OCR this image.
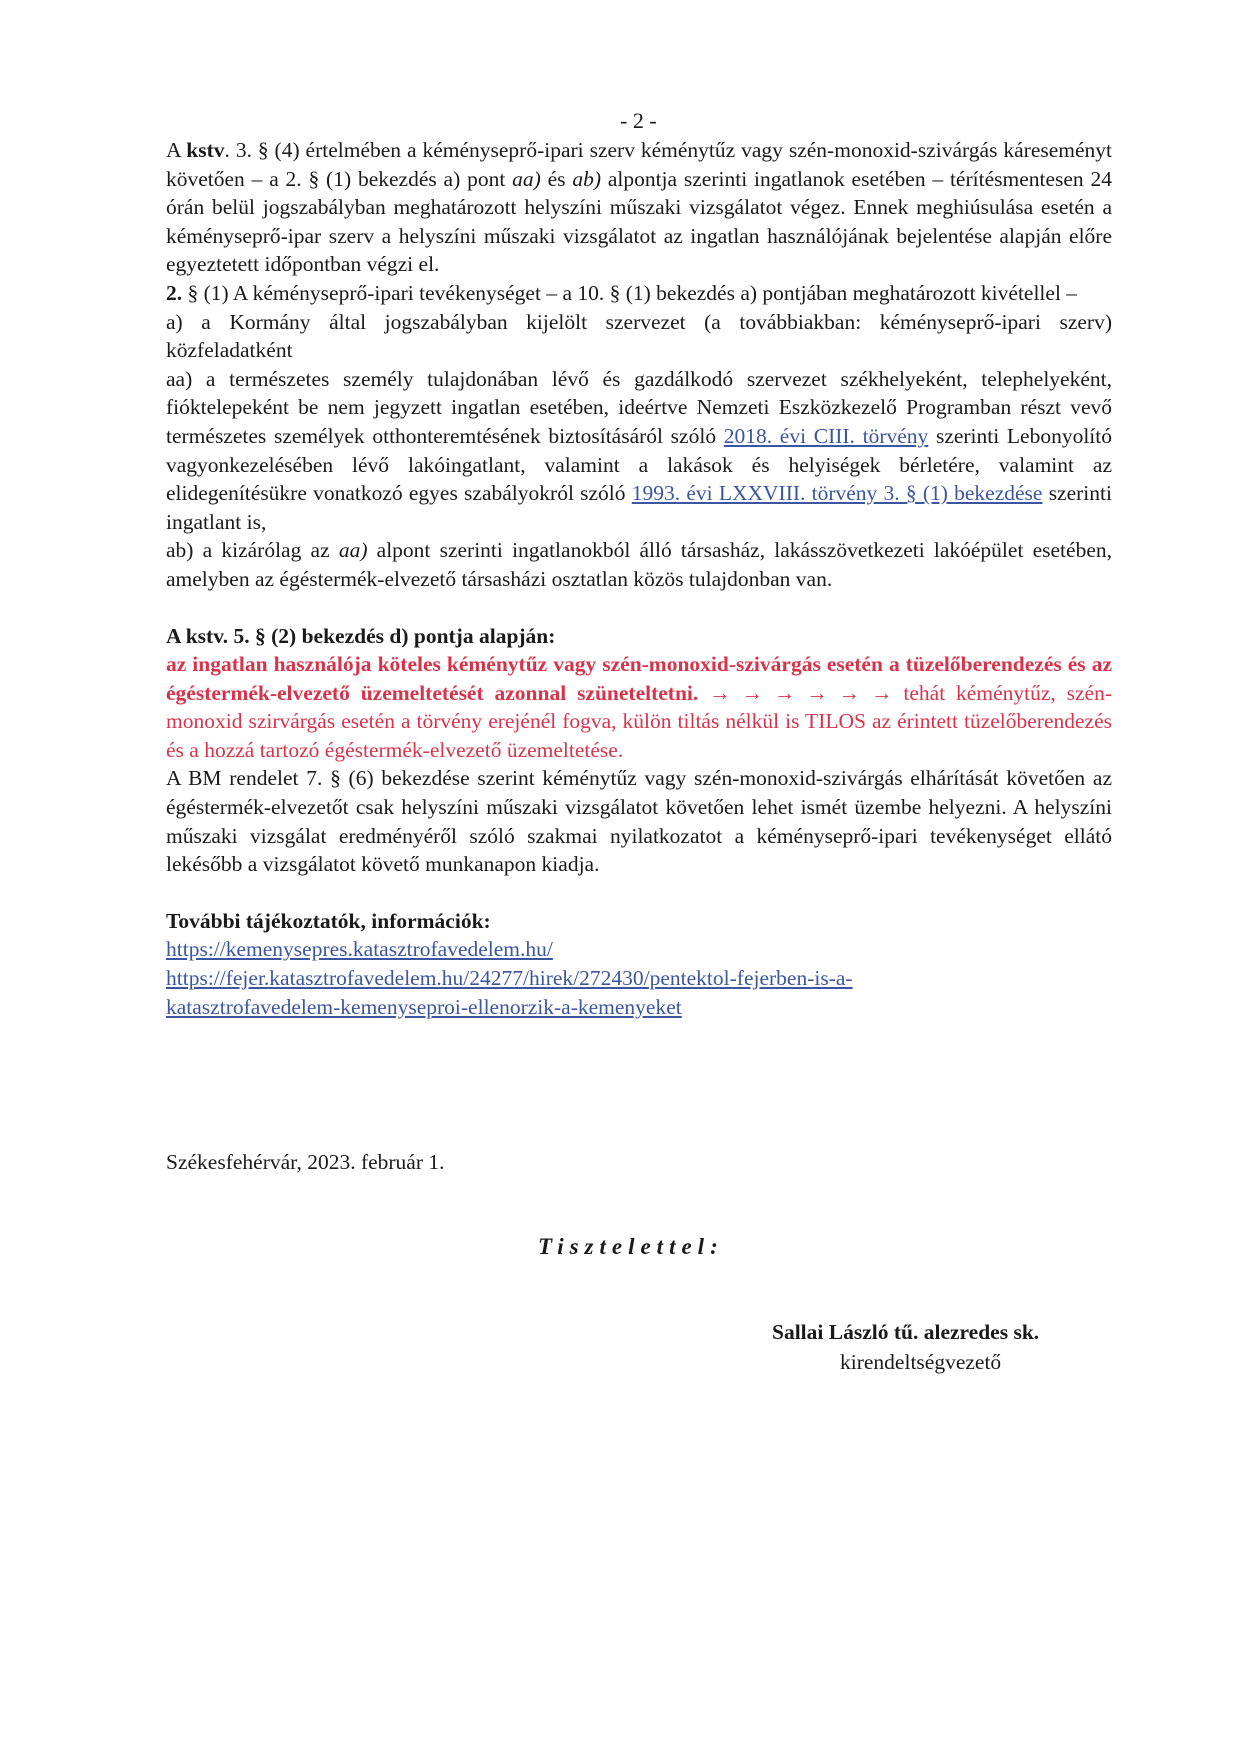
- 2 -

A kstv. 3. § (4) értelmében a kéményseprő-ipari szerv kéménytűz vagy szén-monoxid-szivárgás káreseményt követően – a 2. § (1) bekezdés a) pont aa) és ab) alpontja szerinti ingatlanok esetében – térítésmentesen 24 órán belül jogszabályban meghatározott helyszíni műszaki vizsgálatot végez. Ennek meghiúsulása esetén a kéményseprő-ipar szerv a helyszíni műszaki vizsgálatot az ingatlan használójának bejelentése alapján előre egyeztetett időpontban végzi el.

2. § (1) A kéményseprő-ipari tevékenységet – a 10. § (1) bekezdés a) pontjában meghatározott kivétellel –

a) a Kormány által jogszabályban kijelölt szervezet (a továbbiakban: kéményseprő-ipari szerv) közfeladatként

aa) a természetes személy tulajdonában lévő és gazdálkodó szervezet székhelyeként, telephelyeként, fióktelepeként be nem jegyzett ingatlan esetében, ideértve Nemzeti Eszközkezelő Programban részt vevő természetes személyek otthonteremtésének biztosításáról szóló 2018. évi CIII. törvény szerinti Lebonyolító vagyonkezelésében lévő lakóingatlant, valamint a lakások és helyiségek bérletére, valamint az elidegenítésükre vonatkozó egyes szabályokról szóló 1993. évi LXXVIII. törvény 3. § (1) bekezdése szerinti ingatlant is,

ab) a kizárólag az aa) alpont szerinti ingatlanokból álló társasház, lakásszövetkezeti lakóépület esetében, amelyben az égéstermék-elvezető társasházi osztatlan közös tulajdonban van.

A kstv. 5. § (2) bekezdés d) pontja alapján:

az ingatlan használója köteles kéménytűz vagy szén-monoxid-szivárgás esetén a tüzelőberendezés és az égéstermék-elvezető üzemeltetését azonnal szüneteltetni. → → → → → → tehát kéménytűz, szén-monoxid szirvárgás esetén a törvény erejénél fogva, külön tiltás nélkül is TILOS az érintett tüzelőberendezés és a hozzá tartozó égéstermék-elvezető üzemeltetése.

A BM rendelet 7. § (6) bekezdése szerint kéménytűz vagy szén-monoxid-szivárgás elhárítását követően az égéstermék-elvezetőt csak helyszíni műszaki vizsgálatot követően lehet ismét üzembe helyezni. A helyszíni műszaki vizsgálat eredményéről szóló szakmai nyilatkozatot a kéményseprő-ipari tevékenységet ellátó lekésőbb a vizsgálatot követő munkanapon kiadja.

További tájékoztatók, információk:

https://kemenysepres.katasztrofavedelem.hu/

https://fejer.katasztrofavedelem.hu/24277/hirek/272430/pentektol-fejerben-is-a-
katasztrofavedelem-kemenyseproi-ellenorzik-a-kemenyeket

Székesfehérvár, 2023. február 1.
Tisztelettel:
Sallai László tű. alezredes sk.
kirendeltségvezető
